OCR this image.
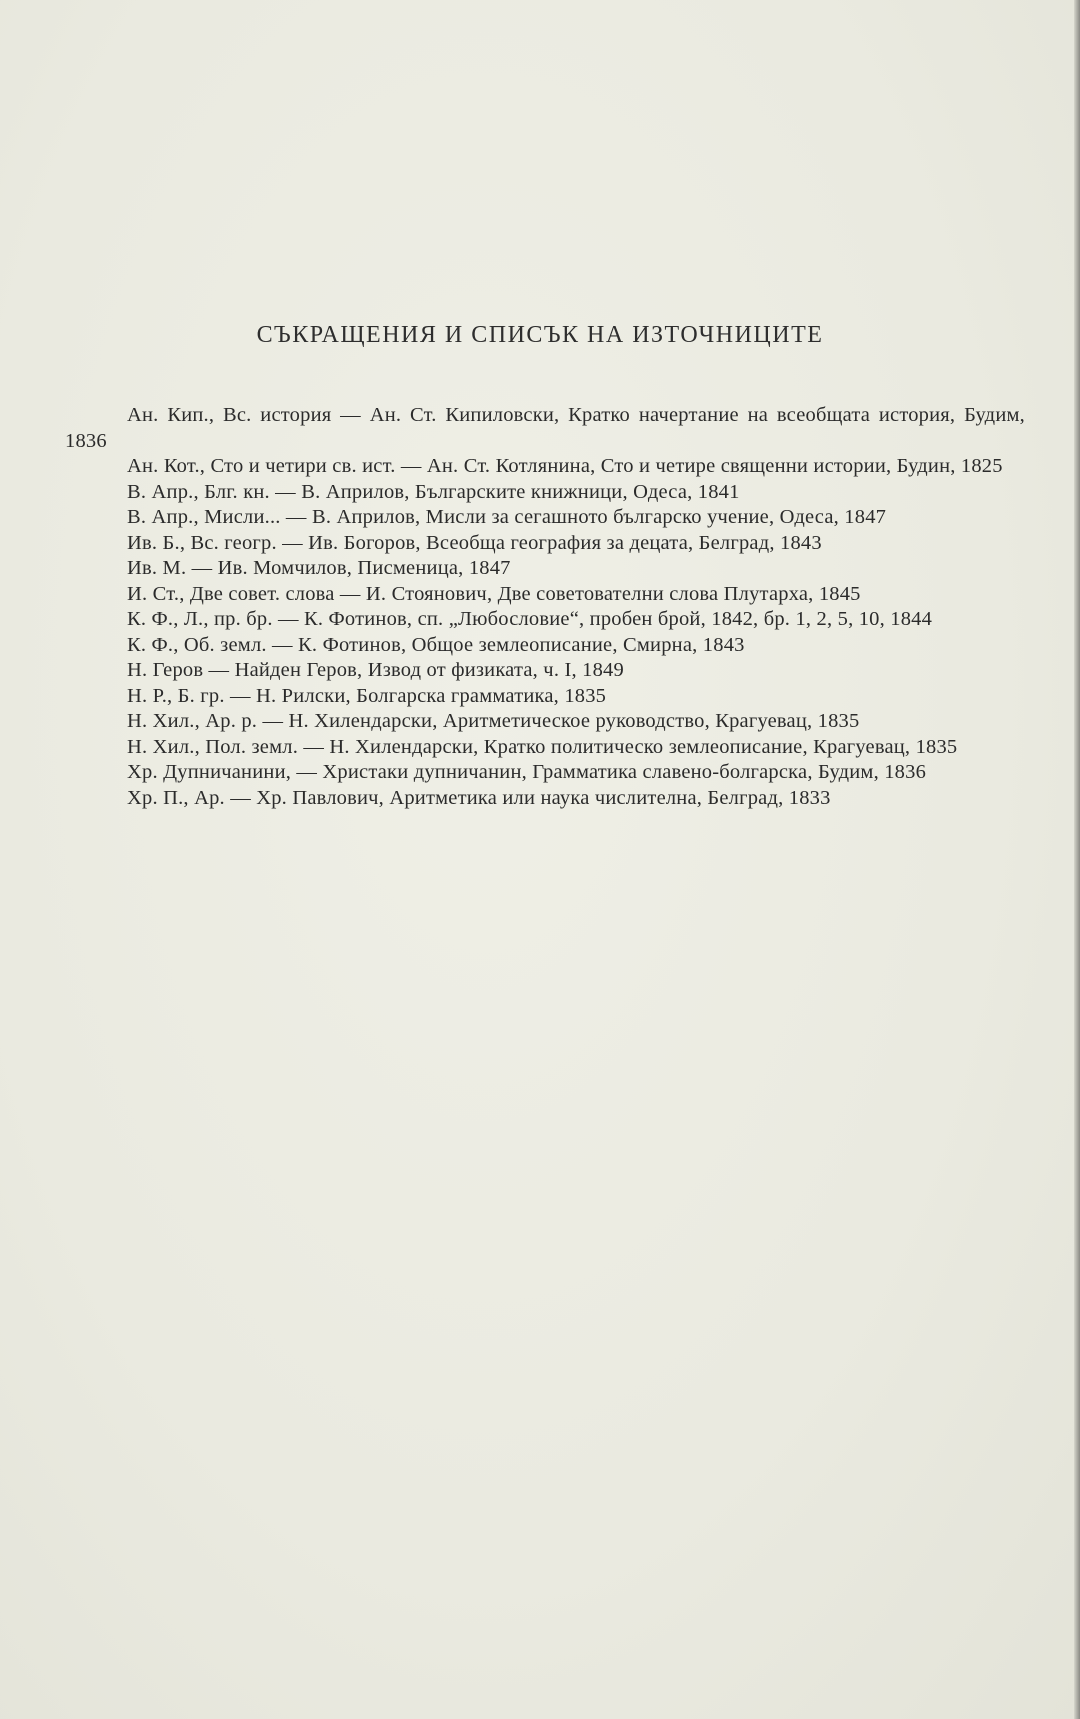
СЪКРАЩЕНИЯ И СПИСЪК НА ИЗТОЧНИЦИТЕ
Ан. Кип., Вс. история — Ан. Ст. Кипиловски, Кратко начертание на всеобщата история, Будим, 1836
Ан. Кот., Сто и четири св. ист. — Ан. Ст. Котлянина, Сто и четире священни истории, Будин, 1825
В. Апр., Блг. кн. — В. Априлов, Българските книжници, Одеса, 1841
В. Апр., Мисли... — В. Априлов, Мисли за сегашното българско учение, Одеса, 1847
Ив. Б., Вс. геогр. — Ив. Богоров, Всеобща география за децата, Белград, 1843
Ив. М. — Ив. Момчилов, Писменица, 1847
И. Ст., Две совет. слова — И. Стоянович, Две советователни слова Плутарха, 1845
К. Ф., Л., пр. бр. — К. Фотинов, сп. „Любословие“, пробен брой, 1842, бр. 1, 2, 5, 10, 1844
К. Ф., Об. земл. — К. Фотинов, Общое землеописание, Смирна, 1843
Н. Геров — Найден Геров, Извод от физиката, ч. I, 1849
Н. Р., Б. гр. — Н. Рилски, Болгарска грамматика, 1835
Н. Хил., Ар. р. — Н. Хилендарски, Аритметическое руководство, Крагуевац, 1835
Н. Хил., Пол. земл. — Н. Хилендарски, Кратко политическо землеописание, Крагуевац, 1835
Хр. Дупничанини, — Христаки дупничанин, Грамматика славено-болгарска, Будим, 1836
Хр. П., Ар. — Хр. Павлович, Аритметика или наука числителна, Белград, 1833
